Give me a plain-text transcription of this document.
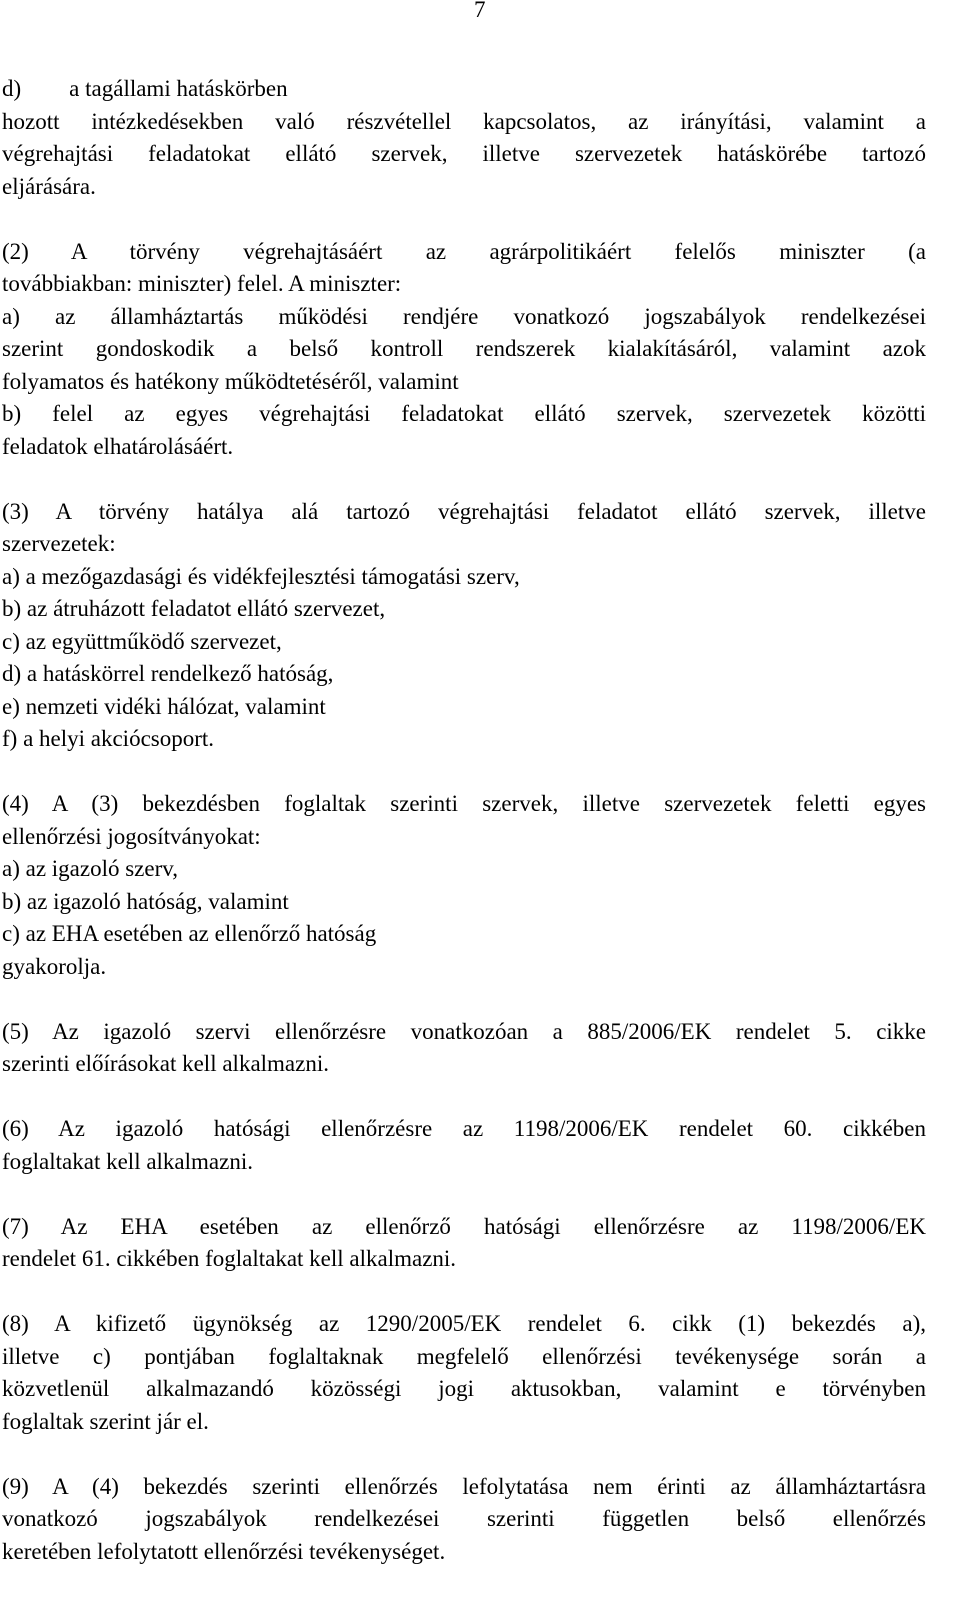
7
d) a tagállami hatáskörben
hozott intézkedésekben való részvétellel kapcsolatos, az irányítási, valamint a
végrehajtási feladatokat ellátó szervek, illetve szervezetek hatáskörébe tartozó
eljárására.
(2) A törvény végrehajtásáért az agrárpolitikáért felelős miniszter (a
továbbiakban: miniszter) felel. A miniszter:
a) az államháztartás működési rendjére vonatkozó jogszabályok rendelkezései
szerint gondoskodik a belső kontroll rendszerek kialakításáról, valamint azok
folyamatos és hatékony működtetéséről, valamint
b) felel az egyes végrehajtási feladatokat ellátó szervek, szervezetek közötti
feladatok elhatárolásáért.
(3) A törvény hatálya alá tartozó végrehajtási feladatot ellátó szervek, illetve
szervezetek:
a) a mezőgazdasági és vidékfejlesztési támogatási szerv,
b) az átruházott feladatot ellátó szervezet,
c) az együttműködő szervezet,
d) a hatáskörrel rendelkező hatóság,
e) nemzeti vidéki hálózat, valamint
f) a helyi akciócsoport.
(4) A (3) bekezdésben foglaltak szerinti szervek, illetve szervezetek feletti egyes
ellenőrzési jogosítványokat:
a) az igazoló szerv,
b) az igazoló hatóság, valamint
c) az EHA esetében az ellenőrző hatóság
gyakorolja.
(5) Az igazoló szervi ellenőrzésre vonatkozóan a 885/2006/EK rendelet 5. cikke
szerinti előírásokat kell alkalmazni.
(6) Az igazoló hatósági ellenőrzésre az 1198/2006/EK rendelet 60. cikkében
foglaltakat kell alkalmazni.
(7) Az EHA esetében az ellenőrző hatósági ellenőrzésre az 1198/2006/EK
rendelet 61. cikkében foglaltakat kell alkalmazni.
(8) A kifizető ügynökség az 1290/2005/EK rendelet 6. cikk (1) bekezdés a),
illetve c) pontjában foglaltaknak megfelelő ellenőrzési tevékenysége során a
közvetlenül alkalmazandó közösségi jogi aktusokban, valamint e törvényben
foglaltak szerint jár el.
(9) A (4) bekezdés szerinti ellenőrzés lefolytatása nem érinti az államháztartásra
vonatkozó jogszabályok rendelkezései szerinti független belső ellenőrzés
keretében lefolytatott ellenőrzési tevékenységet.
